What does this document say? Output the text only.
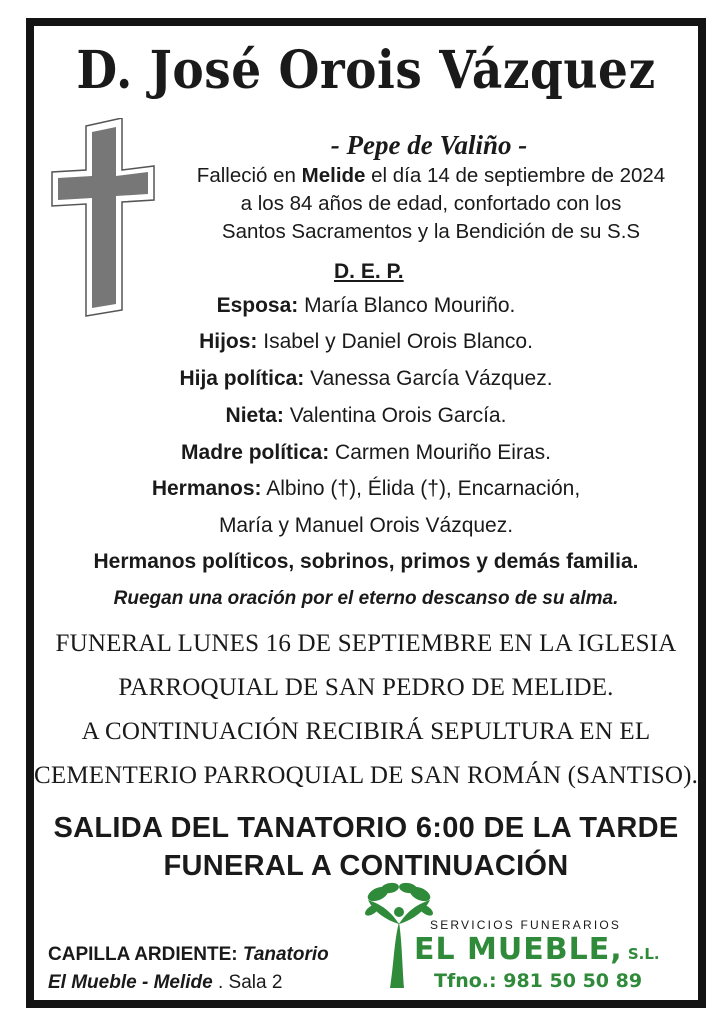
D. José Orois Vázquez
- Pepe de Valiño -
Falleció en Melide el día 14 de septiembre de 2024
a los 84 años de edad, confortado con los
Santos Sacramentos y la Bendición de su S.S
D. E. P.
Esposa: María Blanco Mouriño.
Hijos: Isabel y Daniel Orois Blanco.
Hija política: Vanessa García Vázquez.
Nieta: Valentina Orois García.
Madre política: Carmen Mouriño Eiras.
Hermanos: Albino (†), Élida (†), Encarnación,
María y Manuel Orois Vázquez.
Hermanos políticos, sobrinos, primos y demás familia.
Ruegan una oración por el eterno descanso de su alma.
FUNERAL LUNES 16 DE SEPTIEMBRE EN LA IGLESIA
PARROQUIAL DE SAN PEDRO DE MELIDE.
A CONTINUACIÓN RECIBIRÁ SEPULTURA EN EL
CEMENTERIO PARROQUIAL DE SAN ROMÁN (SANTISO).
SALIDA DEL TANATORIO 6:00 DE LA TARDE
FUNERAL A CONTINUACIÓN
CAPILLA ARDIENTE: Tanatorio
El Mueble - Melide . Sala 2
SERVICIOS FUNERARIOS
EL MUEBLE, S.L.
Tfno.: 981 50 50 89
